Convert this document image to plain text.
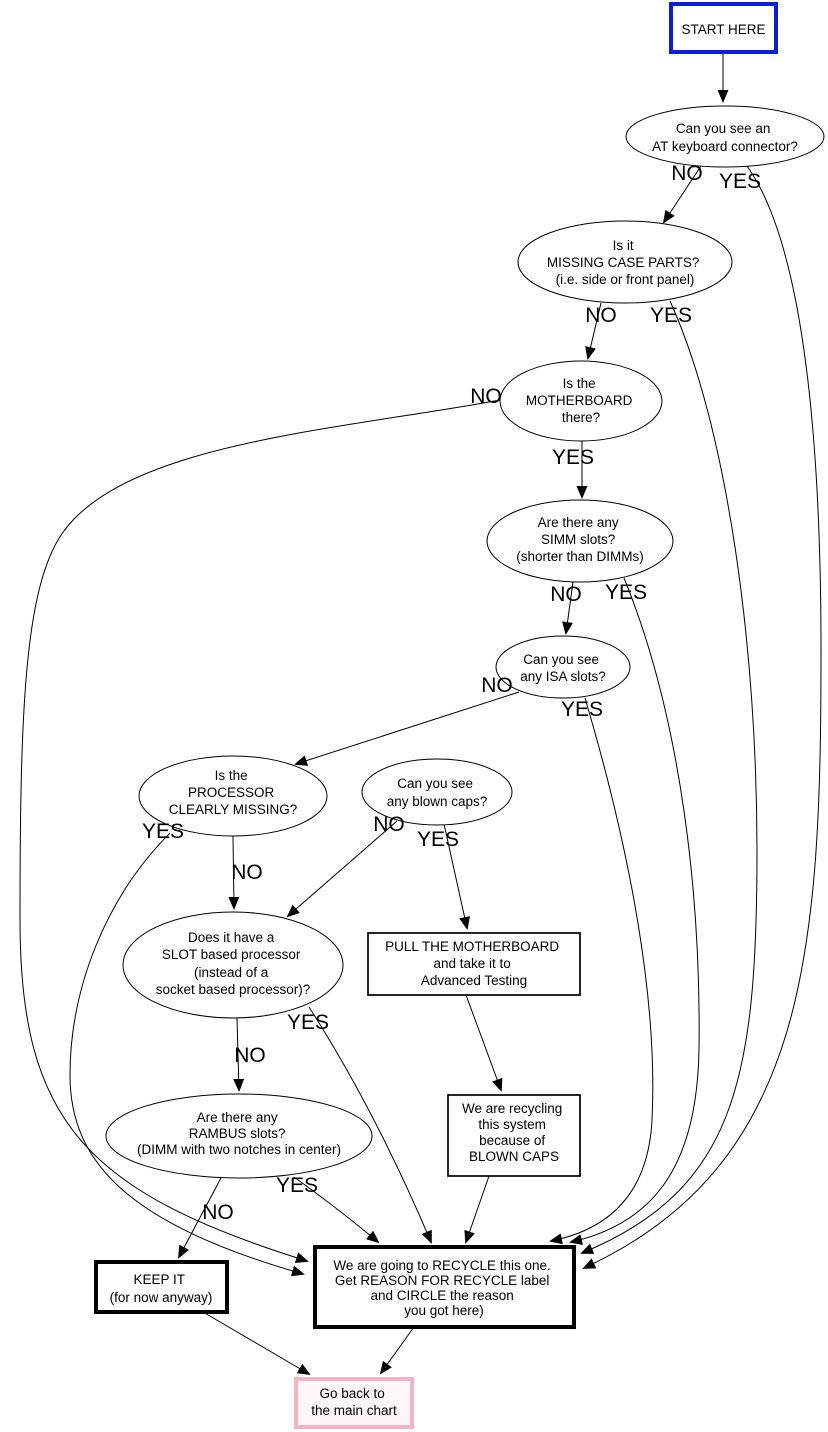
START HERE
Can you see an AT keyboard connector?
Is it MISSING CASE PARTS? (i.e. side or front panel)
Is the MOTHERBOARD there?
Are there any SIMM slots? (shorter than DIMMs)
Can you see any ISA slots?
Is the PROCESSOR CLEARLY MISSING?
Can you see any blown caps?
PULL THE MOTHERBOARD and take it to Advanced Testing
Does it have a SLOT based processor (instead of a socket based processor)?
Are there any RAMBUS slots? (DIMM with two notches in center)
We are recycling this system because of BLOWN CAPS
We are going to RECYCLE this one. Get REASON FOR RECYCLE label and CIRCLE the reason you got here)
KEEP IT (for now anyway)
Go back to the main chart
NO YES
NO YES
NO
YES
NO YES
NO
YES
YES
NO
NO
YES
NO
YES
NO
YES
